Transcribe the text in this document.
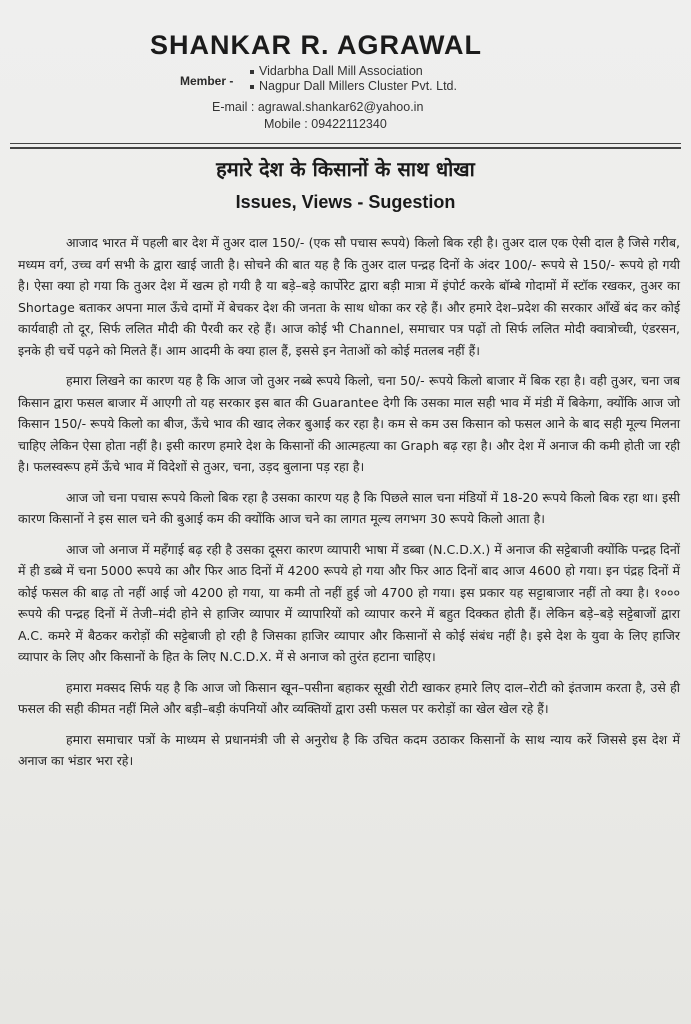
SHANKAR R. AGRAWAL
Member -
Vidarbha Dall Mill Association
Nagpur Dall Millers Cluster Pvt. Ltd.
E-mail : agrawal.shankar62@yahoo.in
Mobile : 09422112340
हमारे देश के किसानों के साथ धोखा
Issues, Views - Sugestion

आजाद भारत में पहली बार देश में तुअर दाल 150/- (एक सौ पचास रूपये) किलो बिक रही है। तुअर दाल एक ऐसी दाल है जिसे गरीब, मध्यम वर्ग, उच्च वर्ग सभी के द्वारा खाई जाती है। सोचने की बात यह है कि तुअर दाल पन्द्रह दिनों के अंदर 100/- रूपये से 150/- रूपये हो गयी है। ऐसा क्या हो गया कि तुअर देश में खत्म हो गयी है या बड़े–बड़े कार्पोरेट द्वारा बड़ी मात्रा में इंपोर्ट करके बॉम्बे गोदामों में स्टॉक रखकर, तुअर का Shortage बताकर अपना माल ऊँचे दामों में बेचकर देश की जनता के साथ धोका कर रहे हैं। और हमारे देश–प्रदेश की सरकार आँखें बंद कर कोई कार्यवाही तो दूर, सिर्फ ललित मौदी की पैरवी कर रहे हैं। आज कोई भी Channel, समाचार पत्र पढ़ों तो सिर्फ ललित मोदी क्वात्रोच्ची, एंडरसन, इनके ही चर्चे पढ़ने को मिलते हैं। आम आदमी के क्या हाल हैं, इससे इन नेताओं को कोई मतलब नहीं हैं।

हमारा लिखने का कारण यह है कि आज जो तुअर नब्बे रूपये किलो, चना 50/- रूपये किलो बाजार में बिक रहा है। वही तुअर, चना जब किसान द्वारा फसल बाजार में आएगी तो यह सरकार इस बात की Guarantee देगी कि उसका माल सही भाव में मंडी में बिकेगा, क्योंकि आज जो किसान 150/- रूपये किलो का बीज, ऊँचे भाव की खाद लेकर बुआई कर रहा है। कम से कम उस किसान को फसल आने के बाद सही मूल्य मिलना चाहिए लेकिन ऐसा होता नहीं है। इसी कारण हमारे देश के किसानों की आत्महत्या का Graph बढ़ रहा है। और देश में अनाज की कमी होती जा रही है। फलस्वरूप हमें ऊँचे भाव में विदेशों से तुअर, चना, उड़द बुलाना पड़ रहा है।

आज जो चना पचास रूपये किलो बिक रहा है उसका कारण यह है कि पिछले साल चना मंडियों में 18-20 रूपये किलो बिक रहा था। इसी कारण किसानों ने इस साल चने की बुआई कम की क्योंकि आज चने का लागत मूल्य लगभग 30 रूपये किलो आता है।

आज जो अनाज में महँगाई बढ़ रही है उसका दूसरा कारण व्यापारी भाषा में डब्बा (N.C.D.X.) में अनाज की सट्टेबाजी क्योंकि पन्द्रह दिनों में ही डब्बे में चना 5000 रूपये का और फिर आठ दिनों में 4200 रूपये हो गया और फिर आठ दिनों बाद आज 4600 हो गया। इन पंद्रह दिनों में कोई फसल की बाढ़ तो नहीं आई जो 4200 हो गया, या कमी तो नहीं हुई जो 4700 हो गया। इस प्रकार यह सट्टाबाजार नहीं तो क्या है। १००० रूपये की पन्द्रह दिनों में तेजी–मंदी होने से हाजिर व्यापार में व्यापारियों को व्यापार करने में बहुत दिक्कत होती हैं। लेकिन बड़े–बड़े सट्टेबाजों द्वारा A.C. कमरे में बैठकर करोड़ों की सट्टेबाजी हो रही है जिसका हाजिर व्यापार और किसानों से कोई संबंध नहीं है। इसे देश के युवा के लिए हाजिर व्यापार के लिए और किसानों के हित के लिए N.C.D.X. में से अनाज को तुरंत हटाना चाहिए।

हमारा मक्सद सिर्फ यह है कि आज जो किसान खून–पसीना बहाकर सूखी रोटी खाकर हमारे लिए दाल–रोटी को इंतजाम करता है, उसे ही फसल की सही कीमत नहीं मिले और बड़ी–बड़ी कंपनियों और व्यक्तियों द्वारा उसी फसल पर करोड़ों का खेल खेल रहे हैं।

हमारा समाचार पत्रों के माध्यम से प्रधानमंत्री जी से अनुरोध है कि उचित कदम उठाकर किसानों के साथ न्याय करें जिससे इस देश में अनाज का भंडार भरा रहे।
